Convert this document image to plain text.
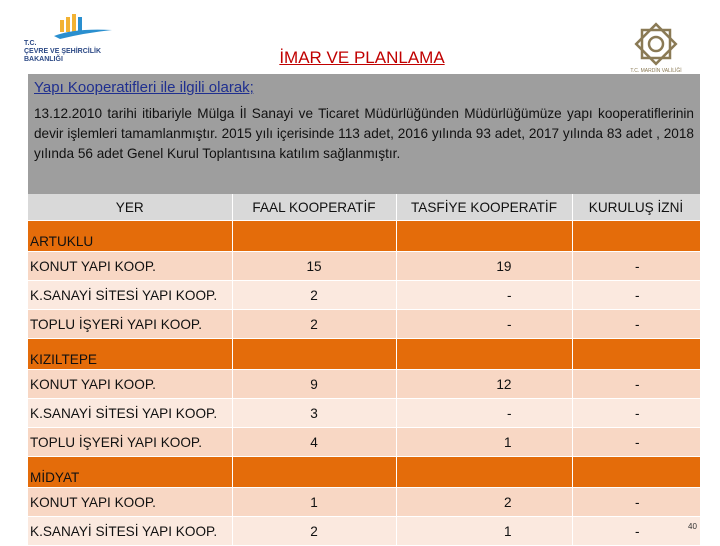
T.C.
ÇEVRE VE ŞEHİRCİLİK
BAKANLIĞI	İMAR VE PLANLAMA
T.C. MARDİN VALİLİĞİ
Yapı Kooperatifleri ile ilgili olarak;
13.12.2010 tarihi itibariyle Mülga İl Sanayi ve Ticaret Müdürlüğünden Müdürlüğümüze yapı kooperatiflerinin devir işlemleri tamamlanmıştır. 2015 yılı içerisinde 113 adet, 2016 yılında 93 adet, 2017 yılında 83 adet , 2018 yılında 56 adet Genel Kurul Toplantısına katılım sağlanmıştır.
YER	FAAL KOOPERATİF	TASFİYE KOOPERATİF	KURULUŞ İZNİ
ARTUKLU			
KONUT YAPI KOOP.	15	19	-
K.SANAYİ SİTESİ YAPI KOOP.	2	-	-
TOPLU İŞYERİ YAPI KOOP.	2	-	-
KIZILTEPE			
KONUT YAPI KOOP.	9	12	-
K.SANAYİ SİTESİ YAPI KOOP.	3	-	-
TOPLU İŞYERİ YAPI KOOP.	4	1	-
MİDYAT			
KONUT YAPI KOOP.	1	2	-
K.SANAYİ SİTESİ YAPI KOOP.	2	1	-	40
